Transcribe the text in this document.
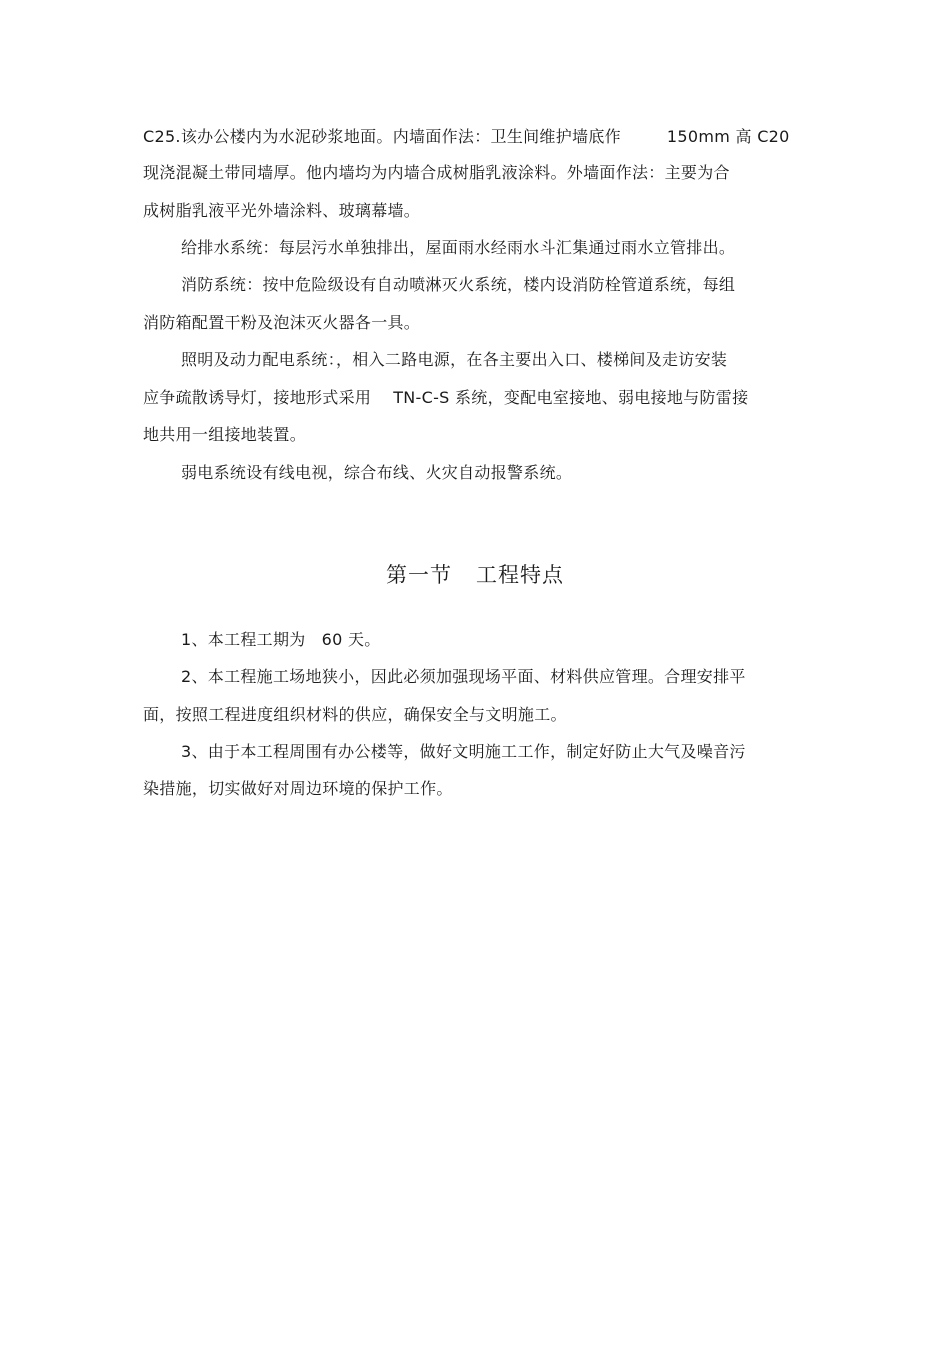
C25.该办公楼内为水泥砂浆地面。内墙面作法：卫生间维护墙底作	150mm 高 C20
现浇混凝土带同墙厚。他内墙均为内墙合成树脂乳液涂料。外墙面作法：主要为合
成树脂乳液平光外墙涂料、玻璃幕墙。
给排水系统：每层污水单独排出，屋面雨水经雨水斗汇集通过雨水立管排出。
消防系统：按中危险级设有自动喷淋灭火系统，楼内设消防栓管道系统，每组
消防箱配置干粉及泡沫灭火器各一具。
照明及动力配电系统：，相入二路电源，在各主要出入口、楼梯间及走访安装
应争疏散诱导灯，接地形式采用 TN-C-S 系统，变配电室接地、弱电接地与防雷接
地共用一组接地装置。
弱电系统设有线电视，综合布线、火灾自动报警系统。
第一节 工程特点
1、本工程工期为 60 天。
2、本工程施工场地狭小，因此必须加强现场平面、材料供应管理。合理安排平
面，按照工程进度组织材料的供应，确保安全与文明施工。
3、由于本工程周围有办公楼等，做好文明施工工作，制定好防止大气及噪音污
染措施，切实做好对周边环境的保护工作。
